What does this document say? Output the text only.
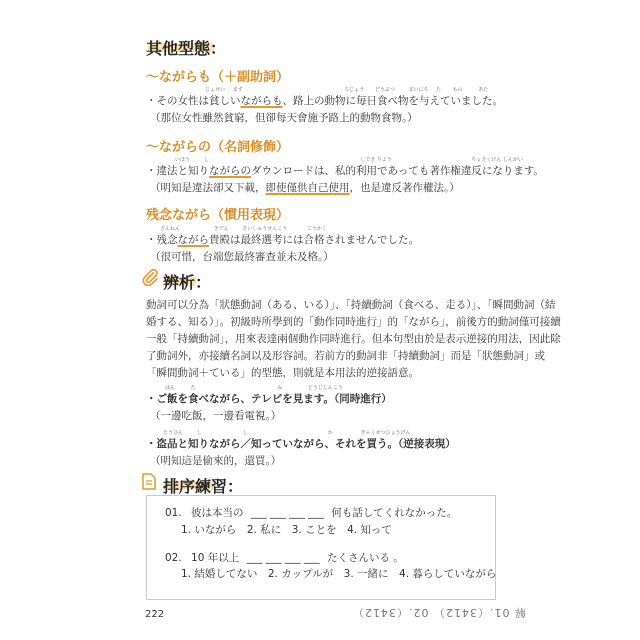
其他型態：
～ながらも（＋副助詞）
じょせい まず	ろじょう どうぶつ	まいにち た もの	あた
・その女性は貧しいながらも、路上の動物に毎日食べ物を与えていました。
（那位女性雖然貧窮，但卻每天會施予路上的動物食物。）
～ながらの（名詞修飾）
いほう	し	しでき りよう	ちょさくけん しんがい
・違法と知りながらのダウンロードは、私的利用であっても著作権違反になります。
（明知是違法卻又下載，即使僅供自己使用，也是違反著作權法。）
残念ながら（慣用表現）
ざんねん	きでん	さいしゅうせんこう	ごうかく
・残念ながら貴殿は最終選考には合格されませんでした。
（很可惜，台端您最終審查並未及格。）
辨析：
動詞可以分為「狀態動詞（ある、いる）」、「持續動詞（食べる、走る）」、「瞬間動詞（結婚する、知る）」。初級時所學到的「動作同時進行」的「ながら」，前後方的動詞僅可接續一般「持續動詞」，用來表達兩個動作同時進行。但本句型由於是表示逆接的用法，因此除了動詞外，亦接續名詞以及形容詞。若前方的動詞非「持續動詞」而是「狀態動詞」或「瞬間動詞＋ている」的型態，則就是本用法的逆接語意。
はん	た	み	どうじしんこう
・ご飯を食べながら、テレビを見ます。（同時進行）
（一邊吃飯，一邊看電視。）
とうひん	し	し	か	ぎゃくせつひょうげん
・盗品と知りながら／知っていながら、それを買う。（逆接表現）
（明知這是偷來的，還買。）
排序練習：
01. 彼は本当の ___ ___ ___ ___ 何も話してくれなかった。
1. いながら　2. 私に　3. ことを　4. 知って
02. 10 年以上 ___ ___ ___ ___ たくさんいる 。
1. 結婚してない　2. カップルが　3. 一緒に　4. 暮らしていながら
222	解 01.（3412） 02.（3412）
